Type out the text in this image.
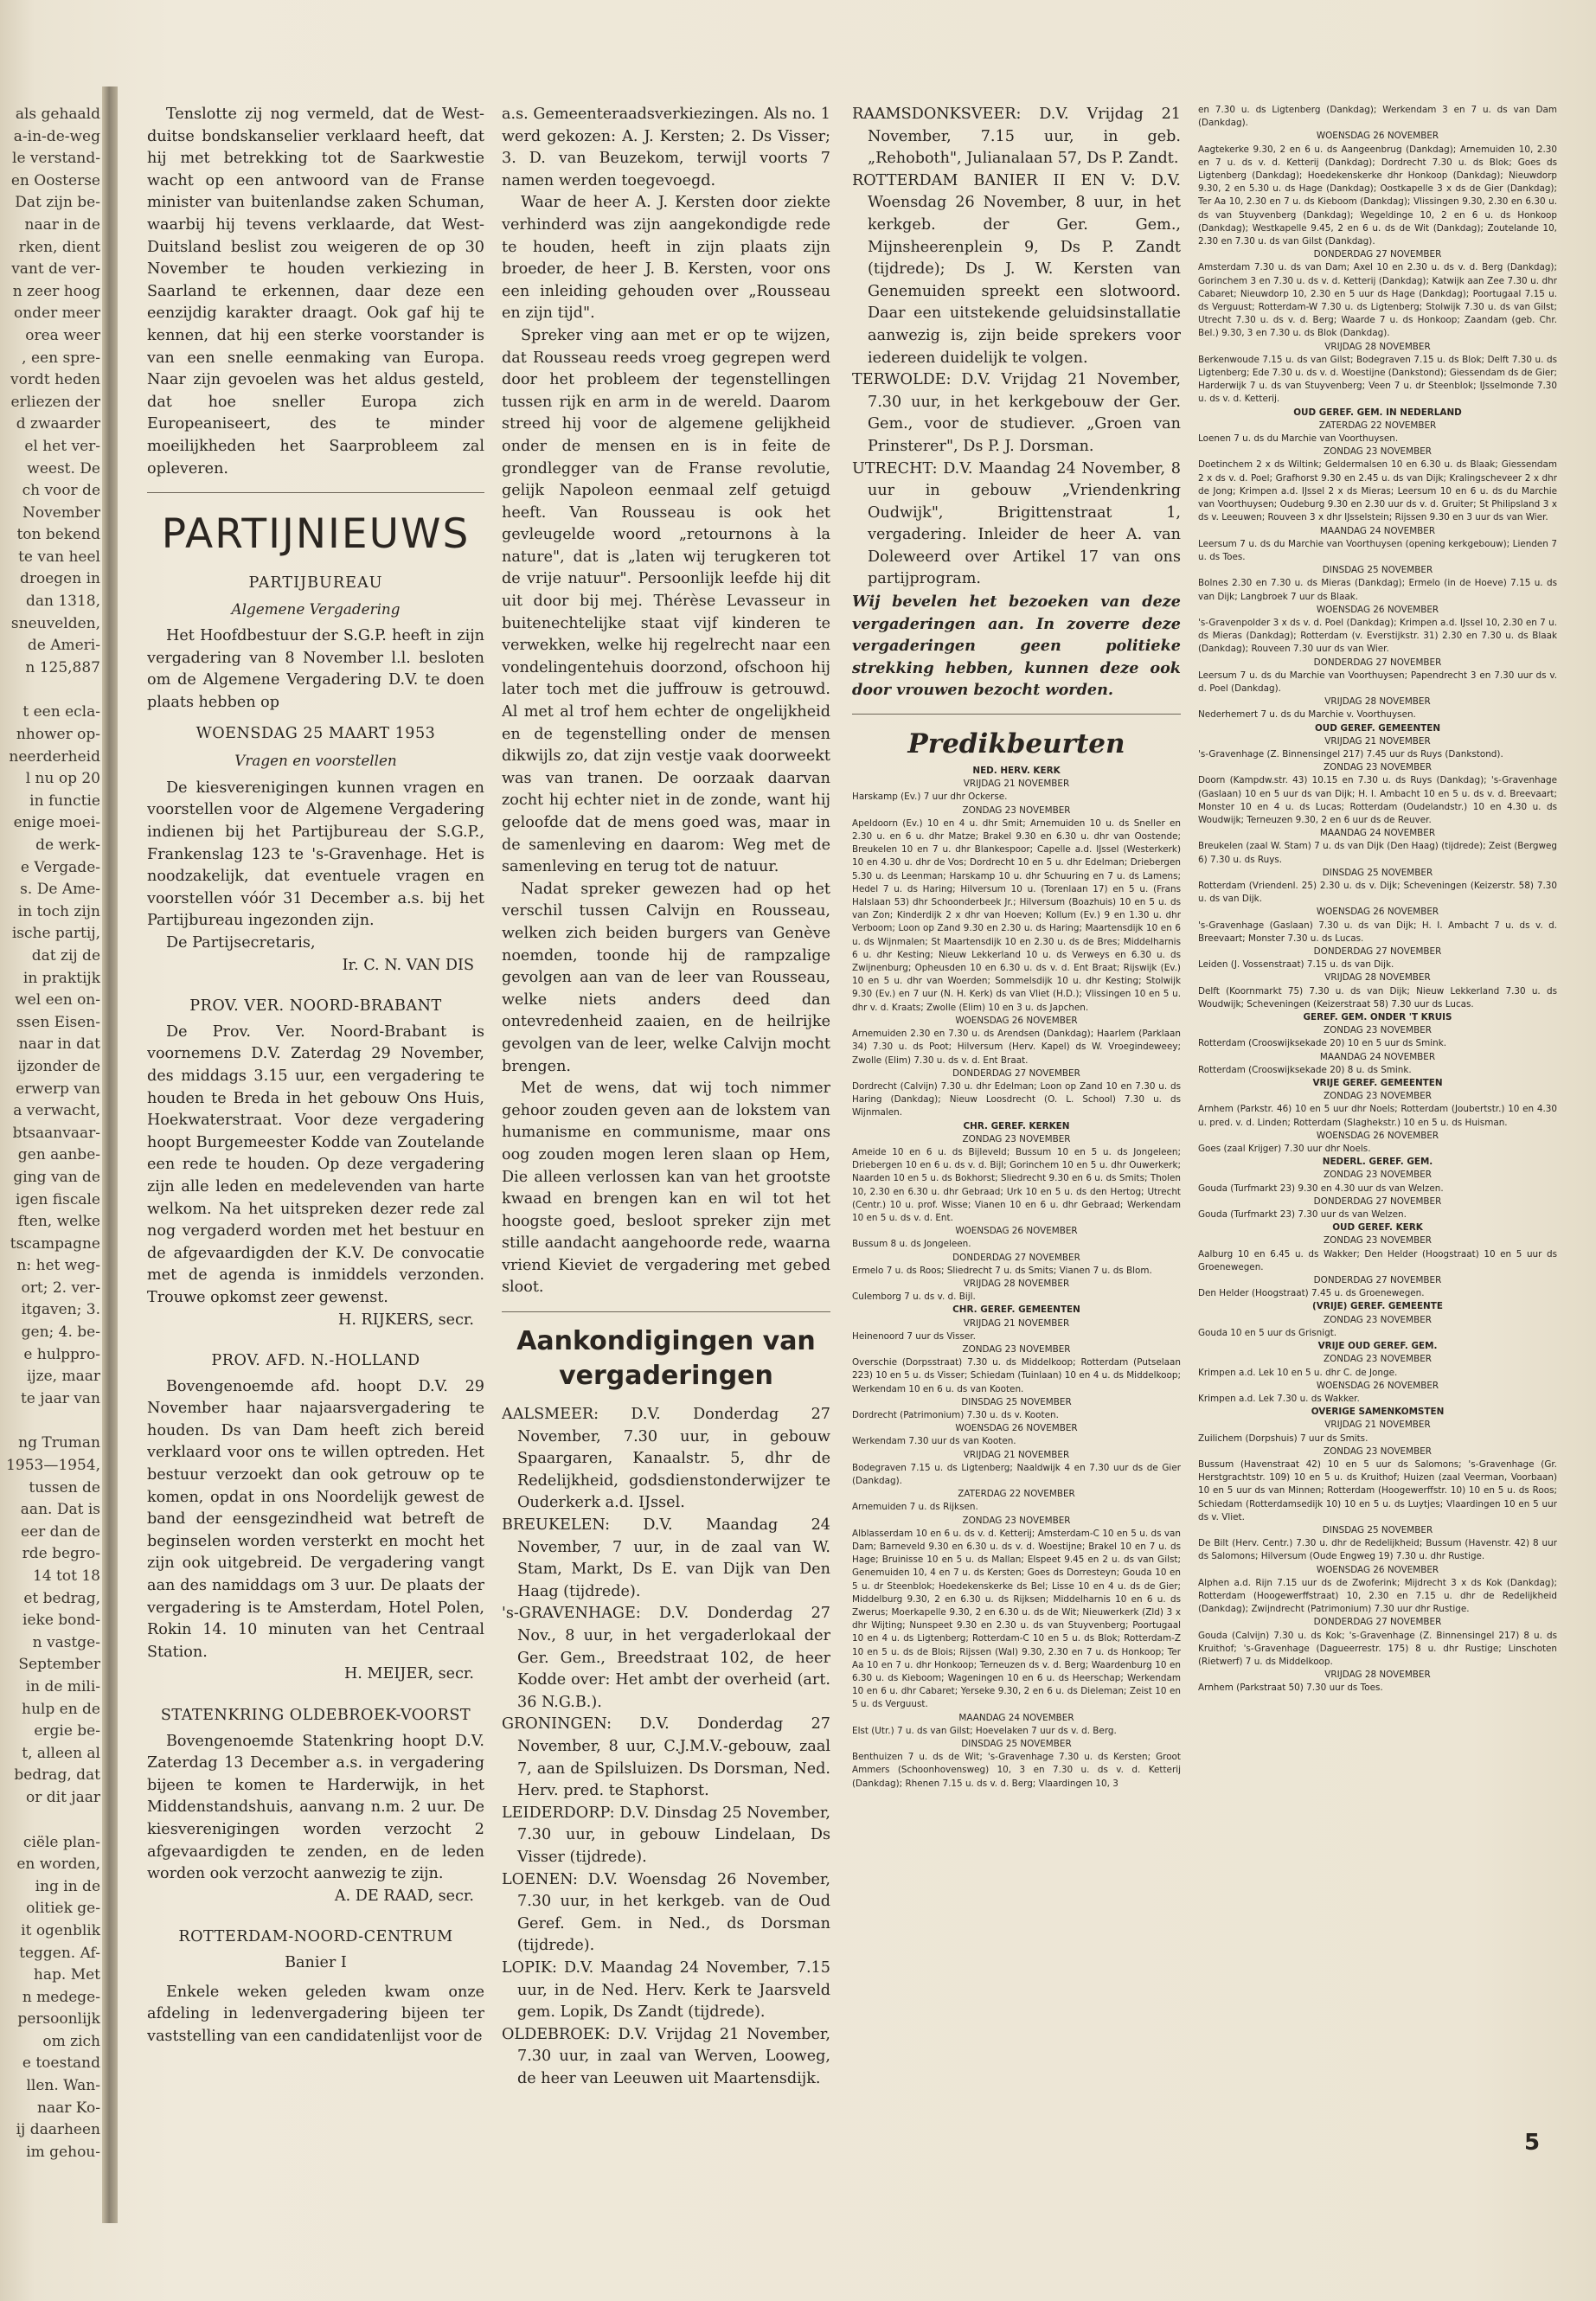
als gehaald
a-in-de-weg
le verstand-
en Oosterse
Dat zijn be-
naar in de
rken, dient
vant de ver-
n zeer hoog
onder meer
orea weer
, een spre-
vordt heden
erliezen der
d zwaarder
el het ver-
weest. De
ch voor de
November
ton bekend
te van heel
droegen in
dan 1318,
sneuvelden,
de Ameri-
n 125,887
t een ecla-
nhower op-
neerderheid
l nu op 20
in functie
enige moei-
de werk-
e Vergade-
s. De Ame-
in toch zijn
ische partij,
dat zij de
in praktijk
wel een on-
ssen Eisen-
naar in dat
ijzonder de
erwerp van
a verwacht,
btsaanvaar-
gen aanbe-
ging van de
igen fiscale
ften, welke
tscampagne
n: het weg-
ort; 2. ver-
itgaven; 3.
gen; 4. be-
e hulppro-
ijze, maar
te jaar van
ng Truman
1953—1954,
tussen de
aan. Dat is
eer dan de
rde begro-
14 tot 18
et bedrag,
ieke bond-
n vastge-
September
in de mili-
hulp en de
ergie be-
t, alleen al
bedrag, dat
or dit jaar
ciële plan-
en worden,
ing in de
olitiek ge-
it ogenblik
teggen. Af-
hap. Met
n medege-
persoonlijk
om zich
e toestand
llen. Wan-
naar Ko-
ij daarheen
im gehou-

Tenslotte zij nog vermeld, dat de West-duitse bondskanselier verklaard heeft, dat hij met betrekking tot de Saarkwestie wacht op een antwoord van de Franse minister van buitenlandse zaken Schuman, waarbij hij tevens verklaarde, dat West-Duitsland beslist zou weigeren de op 30 November te houden verkiezing in Saarland te erkennen, daar deze een eenzijdig karakter draagt. Ook gaf hij te kennen, dat hij een sterke voorstander is van een snelle eenmaking van Europa. Naar zijn gevoelen was het aldus gesteld, dat hoe sneller Europa zich Europeaniseert, des te minder moeilijkheden het Saarprobleem zal opleveren.

PARTIJNIEUWS
PARTIJBUREAU
Algemene Vergadering

Het Hoofdbestuur der S.G.P. heeft in zijn vergadering van 8 November l.l. besloten om de Algemene Vergadering D.V. te doen plaats hebben op

WOENSDAG 25 MAART 1953
Vragen en voorstellen

De kiesverenigingen kunnen vragen en voorstellen voor de Algemene Vergadering indienen bij het Partijbureau der S.G.P., Frankenslag 123 te 's-Gravenhage. Het is noodzakelijk, dat eventuele vragen en voorstellen vóór 31 December a.s. bij het Partijbureau ingezonden zijn.

De Partijsecretaris,

Ir. C. N. VAN DIS

PROV. VER. NOORD-BRABANT

De Prov. Ver. Noord-Brabant is voornemens D.V. Zaterdag 29 November, des middags 3.15 uur, een vergadering te houden te Breda in het gebouw Ons Huis, Hoekwaterstraat. Voor deze vergadering hoopt Burgemeester Kodde van Zoutelande een rede te houden. Op deze vergadering zijn alle leden en medelevenden van harte welkom. Na het uitspreken dezer rede zal nog vergaderd worden met het bestuur en de afgevaardigden der K.V. De convocatie met de agenda is inmiddels verzonden. Trouwe opkomst zeer gewenst.

H. RIJKERS, secr.

PROV. AFD. N.-HOLLAND

Bovengenoemde afd. hoopt D.V. 29 November haar najaarsvergadering te houden. Ds van Dam heeft zich bereid verklaard voor ons te willen optreden. Het bestuur verzoekt dan ook getrouw op te komen, opdat in ons Noordelijk gewest de band der eensgezindheid wat betreft de beginselen worden versterkt en mocht het zijn ook uitgebreid. De vergadering vangt aan des namiddags om 3 uur. De plaats der vergadering is te Amsterdam, Hotel Polen, Rokin 14. 10 minuten van het Centraal Station.

H. MEIJER, secr.

STATENKRING OLDEBROEK-VOORST

Bovengenoemde Statenkring hoopt D.V. Zaterdag 13 December a.s. in vergadering bijeen te komen te Harderwijk, in het Middenstandshuis, aanvang n.m. 2 uur. De kiesverenigingen worden verzocht 2 afgevaardigden te zenden, en de leden worden ook verzocht aanwezig te zijn.

A. DE RAAD, secr.

ROTTERDAM-NOORD-CENTRUM
Banier I

Enkele weken geleden kwam onze afdeling in ledenvergadering bijeen ter vaststelling van een candidatenlijst voor de

a.s. Gemeenteraadsverkiezingen. Als no. 1 werd gekozen: A. J. Kersten; 2. Ds Visser; 3. D. van Beuzekom, terwijl voorts 7 namen werden toegevoegd.

Waar de heer A. J. Kersten door ziekte verhinderd was zijn aangekondigde rede te houden, heeft in zijn plaats zijn broeder, de heer J. B. Kersten, voor ons een inleiding gehouden over „Rousseau en zijn tijd".

Spreker ving aan met er op te wijzen, dat Rousseau reeds vroeg gegrepen werd door het probleem der tegenstellingen tussen rijk en arm in de wereld. Daarom streed hij voor de algemene gelijkheid onder de mensen en is in feite de grondlegger van de Franse revolutie, gelijk Napoleon eenmaal zelf getuigd heeft. Van Rousseau is ook het gevleugelde woord „retournons à la nature", dat is „laten wij terugkeren tot de vrije natuur". Persoonlijk leefde hij dit uit door bij mej. Thérèse Levasseur in buitenechtelijke staat vijf kinderen te verwekken, welke hij regelrecht naar een vondelingentehuis doorzond, ofschoon hij later toch met die juffrouw is getrouwd. Al met al trof hem echter de ongelijkheid en de tegenstelling onder de mensen dikwijls zo, dat zijn vestje vaak doorweekt was van tranen. De oorzaak daarvan zocht hij echter niet in de zonde, want hij geloofde dat de mens goed was, maar in de samenleving en daarom: Weg met de samenleving en terug tot de natuur.

Nadat spreker gewezen had op het verschil tussen Calvijn en Rousseau, welken zich beiden burgers van Genève noemden, toonde hij de rampzalige gevolgen aan van de leer van Rousseau, welke niets anders deed dan ontevredenheid zaaien, en de heilrijke gevolgen van de leer, welke Calvijn mocht brengen.

Met de wens, dat wij toch nimmer gehoor zouden geven aan de lokstem van humanisme en communisme, maar ons oog zouden mogen leren slaan op Hem, Die alleen verlossen kan van het grootste kwaad en brengen kan en wil tot het hoogste goed, besloot spreker zijn met stille aandacht aangehoorde rede, waarna vriend Kieviet de vergadering met gebed sloot.

Aankondigingen van vergaderingen

AALSMEER: D.V. Donderdag 27 November, 7.30 uur, in gebouw Spaargaren, Kanaalstr. 5, dhr de Redelijkheid, godsdienstonderwijzer te Ouderkerk a.d. IJssel.

BREUKELEN: D.V. Maandag 24 November, 7 uur, in de zaal van W. Stam, Markt, Ds E. van Dijk van Den Haag (tijdrede).

's-GRAVENHAGE: D.V. Donderdag 27 Nov., 8 uur, in het vergaderlokaal der Ger. Gem., Breedstraat 102, de heer Kodde over: Het ambt der overheid (art. 36 N.G.B.).

GRONINGEN: D.V. Donderdag 27 November, 8 uur, C.J.M.V.-gebouw, zaal 7, aan de Spilsluizen. Ds Dorsman, Ned. Herv. pred. te Staphorst.

LEIDERDORP: D.V. Dinsdag 25 November, 7.30 uur, in gebouw Lindelaan, Ds Visser (tijdrede).

LOENEN: D.V. Woensdag 26 November, 7.30 uur, in het kerkgeb. van de Oud Geref. Gem. in Ned., ds Dorsman (tijdrede).

LOPIK: D.V. Maandag 24 November, 7.15 uur, in de Ned. Herv. Kerk te Jaarsveld gem. Lopik, Ds Zandt (tijdrede).

OLDEBROEK: D.V. Vrijdag 21 November, 7.30 uur, in zaal van Werven, Looweg, de heer van Leeuwen uit Maartensdijk.

RAAMSDONKSVEER: D.V. Vrijdag 21 November, 7.15 uur, in geb. „Rehoboth", Julianalaan 57, Ds P. Zandt.

ROTTERDAM BANIER II EN V: D.V. Woensdag 26 November, 8 uur, in het kerkgeb. der Ger. Gem., Mijnsheerenplein 9, Ds P. Zandt (tijdrede); Ds J. W. Kersten van Genemuiden spreekt een slotwoord. Daar een uitstekende geluidsinstallatie aanwezig is, zijn beide sprekers voor iedereen duidelijk te volgen.

TERWOLDE: D.V. Vrijdag 21 November, 7.30 uur, in het kerkgebouw der Ger. Gem., voor de studiever. „Groen van Prinsterer", Ds P. J. Dorsman.

UTRECHT: D.V. Maandag 24 November, 8 uur in gebouw „Vriendenkring Oudwijk", Brigittenstraat 1, vergadering. Inleider de heer A. van Doleweerd over Artikel 17 van ons partijprogram.

Wij bevelen het bezoeken van deze vergaderingen aan. In zoverre deze vergaderingen geen politieke strekking hebben, kunnen deze ook door vrouwen bezocht worden.

Predikbeurten
NED. HERV. KERK
VRIJDAG 21 NOVEMBER
Harskamp (Ev.) 7 uur dhr Ockerse.
ZONDAG 23 NOVEMBER
Apeldoorn (Ev.) 10 en 4 u. dhr Smit; Arnemuiden 10 u. ds Sneller en 2.30 u. en 6 u. dhr Matze; Brakel 9.30 en 6.30 u. dhr van Oostende; Breukelen 10 en 7 u. dhr Blankespoor; Capelle a.d. IJssel (Westerkerk) 10 en 4.30 u. dhr de Vos; Dordrecht 10 en 5 u. dhr Edelman; Driebergen 5.30 u. ds Leenman; Harskamp 10 u. dhr Schuuring en 7 u. ds Lamens; Hedel 7 u. ds Haring; Hilversum 10 u. (Torenlaan 17) en 5 u. (Frans Halslaan 53) dhr Schoonderbeek Jr.; Hilversum (Boazhuis) 10 en 5 u. ds van Zon; Kinderdijk 2 x dhr van Hoeven; Kollum (Ev.) 9 en 1.30 u. dhr Verboom; Loon op Zand 9.30 en 2.30 u. ds Haring; Maartensdijk 10 en 6 u. ds Wijnmalen; St Maartensdijk 10 en 2.30 u. ds de Bres; Middelharnis 6 u. dhr Kesting; Nieuw Lekkerland 10 u. ds Verweys en 6.30 u. ds Zwijnenburg; Opheusden 10 en 6.30 u. ds v. d. Ent Braat; Rijswijk (Ev.) 10 en 5 u. dhr van Woerden; Sommelsdijk 10 u. dhr Kesting; Stolwijk 9.30 (Ev.) en 7 uur (N. H. Kerk) ds van Vliet (H.D.); Vlissingen 10 en 5 u. dhr v. d. Kraats; Zwolle (Elim) 10 en 3 u. ds Japchen.
WOENSDAG 26 NOVEMBER
Arnemuiden 2.30 en 7.30 u. ds Arendsen (Dankdag); Haarlem (Parklaan 34) 7.30 u. ds Poot; Hilversum (Herv. Kapel) ds W. Vroegindeweey; Zwolle (Elim) 7.30 u. ds v. d. Ent Braat.
DONDERDAG 27 NOVEMBER
Dordrecht (Calvijn) 7.30 u. dhr Edelman; Loon op Zand 10 en 7.30 u. ds Haring (Dankdag); Nieuw Loosdrecht (O. L. School) 7.30 u. ds Wijnmalen.
CHR. GEREF. KERKEN
ZONDAG 23 NOVEMBER
Ameide 10 en 6 u. ds Bijleveld; Bussum 10 en 5 u. ds Jongeleen; Driebergen 10 en 6 u. ds v. d. Bijl; Gorinchem 10 en 5 u. dhr Ouwerkerk; Naarden 10 en 5 u. ds Bokhorst; Sliedrecht 9.30 en 6 u. ds Smits; Tholen 10, 2.30 en 6.30 u. dhr Gebraad; Urk 10 en 5 u. ds den Hertog; Utrecht (Centr.) 10 u. prof. Wisse; Vianen 10 en 6 u. dhr Gebraad; Werkendam 10 en 5 u. ds v. d. Ent.
WOENSDAG 26 NOVEMBER
Bussum 8 u. ds Jongeleen.
DONDERDAG 27 NOVEMBER
Ermelo 7 u. ds Roos; Sliedrecht 7 u. ds Smits; Vianen 7 u. ds Blom.
VRIJDAG 28 NOVEMBER
Culemborg 7 u. ds v. d. Bijl.
CHR. GEREF. GEMEENTEN
VRIJDAG 21 NOVEMBER
Heinenoord 7 uur ds Visser.
ZONDAG 23 NOVEMBER
Overschie (Dorpsstraat) 7.30 u. ds Middelkoop; Rotterdam (Putselaan 223) 10 en 5 u. ds Visser; Schiedam (Tuinlaan) 10 en 4 u. ds Middelkoop; Werkendam 10 en 6 u. ds van Kooten.
DINSDAG 25 NOVEMBER
Dordrecht (Patrimonium) 7.30 u. ds v. Kooten.
WOENSDAG 26 NOVEMBER
Werkendam 7.30 uur ds van Kooten.
VRIJDAG 21 NOVEMBER
Bodegraven 7.15 u. ds Ligtenberg; Naaldwijk 4 en 7.30 uur ds de Gier (Dankdag).
ZATERDAG 22 NOVEMBER
Arnemuiden 7 u. ds Rijksen.
ZONDAG 23 NOVEMBER
Alblasserdam 10 en 6 u. ds v. d. Ketterij; Amsterdam-C 10 en 5 u. ds van Dam; Barneveld 9.30 en 6.30 u. ds v. d. Woestijne; Brakel 10 en 7 u. ds Hage; Bruinisse 10 en 5 u. ds Mallan; Elspeet 9.45 en 2 u. ds van Gilst; Genemuiden 10, 4 en 7 u. ds Kersten; Goes ds Dorresteyn; Gouda 10 en 5 u. dr Steenblok; Hoedekenskerke ds Bel; Lisse 10 en 4 u. ds de Gier; Middelburg 9.30, 2 en 6.30 u. ds Rijksen; Middelharnis 10 en 6 u. ds Zwerus; Moerkapelle 9.30, 2 en 6.30 u. ds de Wit; Nieuwerkerk (Zld) 3 x dhr Wijting; Nunspeet 9.30 en 2.30 u. ds van Stuyvenberg; Poortugaal 10 en 4 u. ds Ligtenberg; Rotterdam-C 10 en 5 u. ds Blok; Rotterdam-Z 10 en 5 u. ds de Blois; Rijssen (Wal) 9.30, 2.30 en 7 u. ds Honkoop; Ter Aa 10 en 7 u. dhr Honkoop; Terneuzen ds v. d. Berg; Waardenburg 10 en 6.30 u. ds Kieboom; Wageningen 10 en 6 u. ds Heerschap; Werkendam 10 en 6 u. dhr Cabaret; Yerseke 9.30, 2 en 6 u. ds Dieleman; Zeist 10 en 5 u. ds Verguust.
MAANDAG 24 NOVEMBER
Elst (Utr.) 7 u. ds van Gilst; Hoevelaken 7 uur ds v. d. Berg.
DINSDAG 25 NOVEMBER
Benthuizen 7 u. ds de Wit; 's-Gravenhage 7.30 u. ds Kersten; Groot Ammers (Schoonhovensweg) 10, 3 en 7.30 u. ds v. d. Ketterij (Dankdag); Rhenen 7.15 u. ds v. d. Berg; Vlaardingen 10, 3
en 7.30 u. ds Ligtenberg (Dankdag); Werkendam 3 en 7 u. ds van Dam (Dankdag).
WOENSDAG 26 NOVEMBER
Aagtekerke 9.30, 2 en 6 u. ds Aangeenbrug (Dankdag); Arnemuiden 10, 2.30 en 7 u. ds v. d. Ketterij (Dankdag); Dordrecht 7.30 u. ds Blok; Goes ds Ligtenberg (Dankdag); Hoedekenskerke dhr Honkoop (Dankdag); Nieuwdorp 9.30, 2 en 5.30 u. ds Hage (Dankdag); Oostkapelle 3 x ds de Gier (Dankdag); Ter Aa 10, 2.30 en 7 u. ds Kieboom (Dankdag); Vlissingen 9.30, 2.30 en 6.30 u. ds van Stuyvenberg (Dankdag); Wegeldinge 10, 2 en 6 u. ds Honkoop (Dankdag); Westkapelle 9.45, 2 en 6 u. ds de Wit (Dankdag); Zoutelande 10, 2.30 en 7.30 u. ds van Gilst (Dankdag).
DONDERDAG 27 NOVEMBER
Amsterdam 7.30 u. ds van Dam; Axel 10 en 2.30 u. ds v. d. Berg (Dankdag); Gorinchem 3 en 7.30 u. ds v. d. Ketterij (Dankdag); Katwijk aan Zee 7.30 u. dhr Cabaret; Nieuwdorp 10, 2.30 en 5 uur ds Hage (Dankdag); Poortugaal 7.15 u. ds Verguust; Rotterdam-W 7.30 u. ds Ligtenberg; Stolwijk 7.30 u. ds van Gilst; Utrecht 7.30 u. ds v. d. Berg; Waarde 7 u. ds Honkoop; Zaandam (geb. Chr. Bel.) 9.30, 3 en 7.30 u. ds Blok (Dankdag).
VRIJDAG 28 NOVEMBER
Berkenwoude 7.15 u. ds van Gilst; Bodegraven 7.15 u. ds Blok; Delft 7.30 u. ds Ligtenberg; Ede 7.30 u. ds v. d. Woestijne (Dankstond); Giessendam ds de Gier; Harderwijk 7 u. ds van Stuyvenberg; Veen 7 u. dr Steenblok; IJsselmonde 7.30 u. ds v. d. Ketterij.
OUD GEREF. GEM. IN NEDERLAND
ZATERDAG 22 NOVEMBER
Loenen 7 u. ds du Marchie van Voorthuysen.
ZONDAG 23 NOVEMBER
Doetinchem 2 x ds Wiltink; Geldermalsen 10 en 6.30 u. ds Blaak; Giessendam 2 x ds v. d. Poel; Grafhorst 9.30 en 2.45 u. ds van Dijk; Kralingscheveer 2 x dhr de Jong; Krimpen a.d. IJssel 2 x ds Mieras; Leersum 10 en 6 u. ds du Marchie van Voorthuysen; Oudeburg 9.30 en 2.30 uur ds v. d. Gruiter; St Philipsland 3 x ds v. Leeuwen; Rouveen 3 x dhr IJsselstein; Rijssen 9.30 en 3 uur ds van Wier.
MAANDAG 24 NOVEMBER
Leersum 7 u. ds du Marchie van Voorthuysen (opening kerkgebouw); Lienden 7 u. ds Toes.
DINSDAG 25 NOVEMBER
Bolnes 2.30 en 7.30 u. ds Mieras (Dankdag); Ermelo (in de Hoeve) 7.15 u. ds van Dijk; Langbroek 7 uur ds Blaak.
WOENSDAG 26 NOVEMBER
's-Gravenpolder 3 x ds v. d. Poel (Dankdag); Krimpen a.d. IJssel 10, 2.30 en 7 u. ds Mieras (Dankdag); Rotterdam (v. Everstijkstr. 31) 2.30 en 7.30 u. ds Blaak (Dankdag); Rouveen 7.30 uur ds van Wier.
DONDERDAG 27 NOVEMBER
Leersum 7 u. ds du Marchie van Voorthuysen; Papendrecht 3 en 7.30 uur ds v. d. Poel (Dankdag).
VRIJDAG 28 NOVEMBER
Nederhemert 7 u. ds du Marchie v. Voorthuysen.
OUD GEREF. GEMEENTEN
VRIJDAG 21 NOVEMBER
's-Gravenhage (Z. Binnensingel 217) 7.45 uur ds Ruys (Dankstond).
ZONDAG 23 NOVEMBER
Doorn (Kampdw.str. 43) 10.15 en 7.30 u. ds Ruys (Dankdag); 's-Gravenhage (Gaslaan) 10 en 5 uur ds van Dijk; H. I. Ambacht 10 en 5 u. ds v. d. Breevaart; Monster 10 en 4 u. ds Lucas; Rotterdam (Oudelandstr.) 10 en 4.30 u. ds Woudwijk; Terneuzen 9.30, 2 en 6 uur ds de Reuver.
MAANDAG 24 NOVEMBER
Breukelen (zaal W. Stam) 7 u. ds van Dijk (Den Haag) (tijdrede); Zeist (Bergweg 6) 7.30 u. ds Ruys.
DINSDAG 25 NOVEMBER
Rotterdam (Vriendenl. 25) 2.30 u. ds v. Dijk; Scheveningen (Keizerstr. 58) 7.30 u. ds van Dijk.
WOENSDAG 26 NOVEMBER
's-Gravenhage (Gaslaan) 7.30 u. ds van Dijk; H. I. Ambacht 7 u. ds v. d. Breevaart; Monster 7.30 u. ds Lucas.
DONDERDAG 27 NOVEMBER
Leiden (J. Vossenstraat) 7.15 u. ds van Dijk.
VRIJDAG 28 NOVEMBER
Delft (Koornmarkt 75) 7.30 u. ds van Dijk; Nieuw Lekkerland 7.30 u. ds Woudwijk; Scheveningen (Keizerstraat 58) 7.30 uur ds Lucas.
GEREF. GEM. ONDER 'T KRUIS
ZONDAG 23 NOVEMBER
Rotterdam (Crooswijksekade 20) 10 en 5 uur ds Smink.
MAANDAG 24 NOVEMBER
Rotterdam (Crooswijksekade 20) 8 u. ds Smink.
VRIJE GEREF. GEMEENTEN
ZONDAG 23 NOVEMBER
Arnhem (Parkstr. 46) 10 en 5 uur dhr Noels; Rotterdam (Joubertstr.) 10 en 4.30 u. pred. v. d. Linden; Rotterdam (Slaghekstr.) 10 en 5 u. ds Huisman.
WOENSDAG 26 NOVEMBER
Goes (zaal Krijger) 7.30 uur dhr Noels.
NEDERL. GEREF. GEM.
ZONDAG 23 NOVEMBER
Gouda (Turfmarkt 23) 9.30 en 4.30 uur ds van Welzen.
DONDERDAG 27 NOVEMBER
Gouda (Turfmarkt 23) 7.30 uur ds van Welzen.
OUD GEREF. KERK
ZONDAG 23 NOVEMBER
Aalburg 10 en 6.45 u. ds Wakker; Den Helder (Hoogstraat) 10 en 5 uur ds Groenewegen.
DONDERDAG 27 NOVEMBER
Den Helder (Hoogstraat) 7.45 u. ds Groenewegen.
(VRIJE) GEREF. GEMEENTE
ZONDAG 23 NOVEMBER
Gouda 10 en 5 uur ds Grisnigt.
VRIJE OUD GEREF. GEM.
ZONDAG 23 NOVEMBER
Krimpen a.d. Lek 10 en 5 u. dhr C. de Jonge.
WOENSDAG 26 NOVEMBER
Krimpen a.d. Lek 7.30 u. ds Wakker.
OVERIGE SAMENKOMSTEN
VRIJDAG 21 NOVEMBER
Zuilichem (Dorpshuis) 7 uur ds Smits.
ZONDAG 23 NOVEMBER
Bussum (Havenstraat 42) 10 en 5 uur ds Salomons; 's-Gravenhage (Gr. Herstgrachtstr. 109) 10 en 5 u. ds Kruithof; Huizen (zaal Veerman, Voorbaan) 10 en 5 uur ds van Minnen; Rotterdam (Hoogewerffstr. 10) 10 en 5 u. ds Roos; Schiedam (Rotterdamsedijk 10) 10 en 5 u. ds Luytjes; Vlaardingen 10 en 5 uur ds v. Vliet.
DINSDAG 25 NOVEMBER
De Bilt (Herv. Centr.) 7.30 u. dhr de Redelijkheid; Bussum (Havenstr. 42) 8 uur ds Salomons; Hilversum (Oude Engweg 19) 7.30 u. dhr Rustige.
WOENSDAG 26 NOVEMBER
Alphen a.d. Rijn 7.15 uur ds de Zwoferink; Mijdrecht 3 x ds Kok (Dankdag); Rotterdam (Hoogewerffstraat) 10, 2.30 en 7.15 u. dhr de Redelijkheid (Dankdag); Zwijndrecht (Patrimonium) 7.30 uur dhr Rustige.
DONDERDAG 27 NOVEMBER
Gouda (Calvijn) 7.30 u. ds Kok; 's-Gravenhage (Z. Binnensingel 217) 8 u. ds Kruithof; 's-Gravenhage (Dagueerrestr. 175) 8 u. dhr Rustige; Linschoten (Rietwerf) 7 u. ds Middelkoop.
VRIJDAG 28 NOVEMBER
Arnhem (Parkstraat 50) 7.30 uur ds Toes.
5
